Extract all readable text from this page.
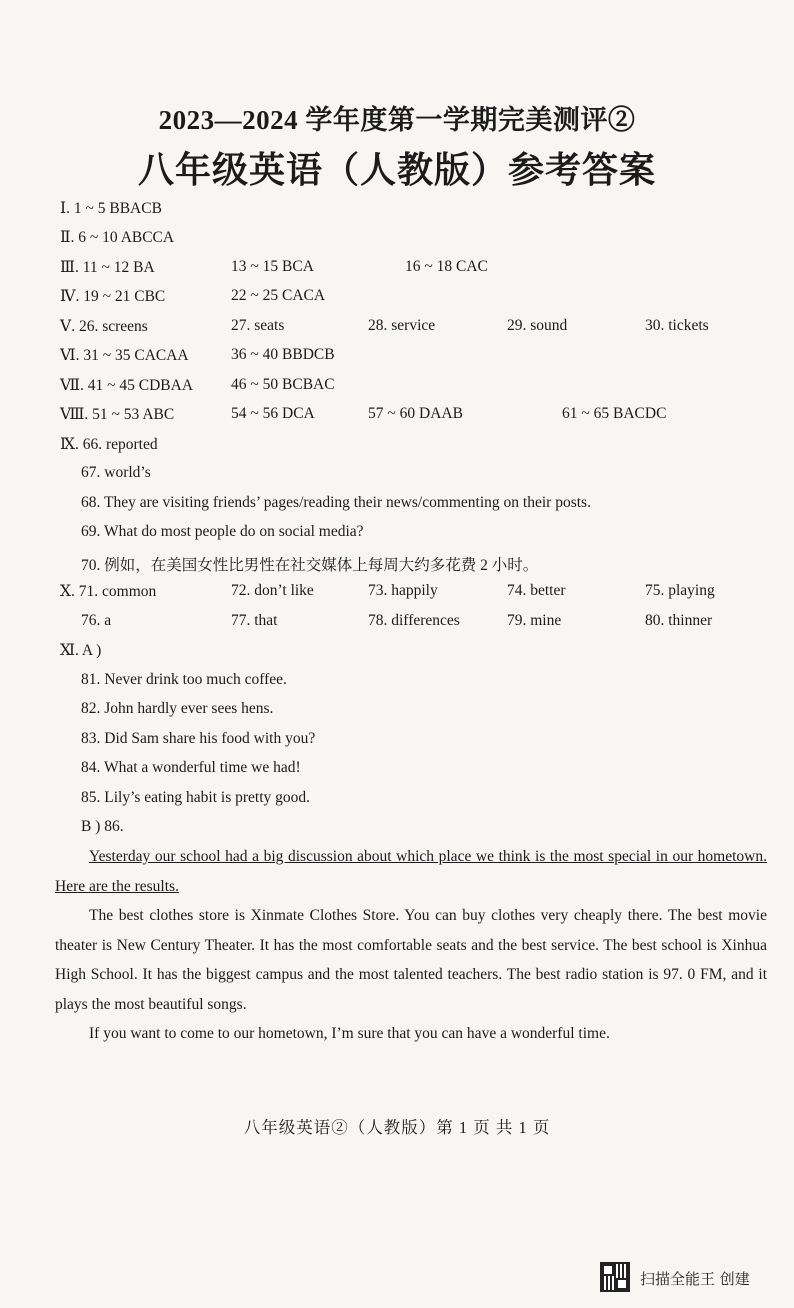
2023—2024 学年度第一学期完美测评②
八年级英语（人教版）参考答案
Ⅰ. 1 ~ 5 BBACB
Ⅱ. 6 ~ 10 ABCCA
Ⅲ. 11 ~ 12 BA	13 ~ 15 BCA	16 ~ 18 CAC
Ⅳ. 19 ~ 21 CBC	22 ~ 25 CACA
Ⅴ. 26. screens	27. seats	28. service	29. sound	30. tickets
Ⅵ. 31 ~ 35 CACAA	36 ~ 40 BBDCB
Ⅶ. 41 ~ 45 CDBAA 46 ~ 50 BCBAC
Ⅷ. 51 ~ 53 ABC	54 ~ 56 DCA	57 ~ 60 DAAB	61 ~ 65 BACDC
Ⅸ. 66. reported
67. world’s
68. They are visiting friends’ pages/reading their news/commenting on their posts.
69. What do most people do on social media?
70. 例如，在美国女性比男性在社交媒体上每周大约多花费 2 小时。
Ⅹ. 71. common	72. don’t like	73. happily	74. better	75. playing
76. a	77. that	78. differences	79. mine	80. thinner
Ⅺ. A )
81. Never drink too much coffee.
82. John hardly ever sees hens.
83. Did Sam share his food with you?
84. What a wonderful time we had!
85. Lily’s eating habit is pretty good.
B ) 86.
Yesterday our school had a big discussion about which place we think is the most special in our hometown. Here are the results.
The best clothes store is Xinmate Clothes Store. You can buy clothes very cheaply there. The best movie theater is New Century Theater. It has the most comfortable seats and the best service. The best school is Xinhua High School. It has the biggest campus and the most talented teachers. The best radio station is 97. 0 FM, and it plays the most beautiful songs.
If you want to come to our hometown, I’m sure that you can have a wonderful time.
八年级英语②（人教版）第 1 页 共 1 页
扫描全能王 创建
